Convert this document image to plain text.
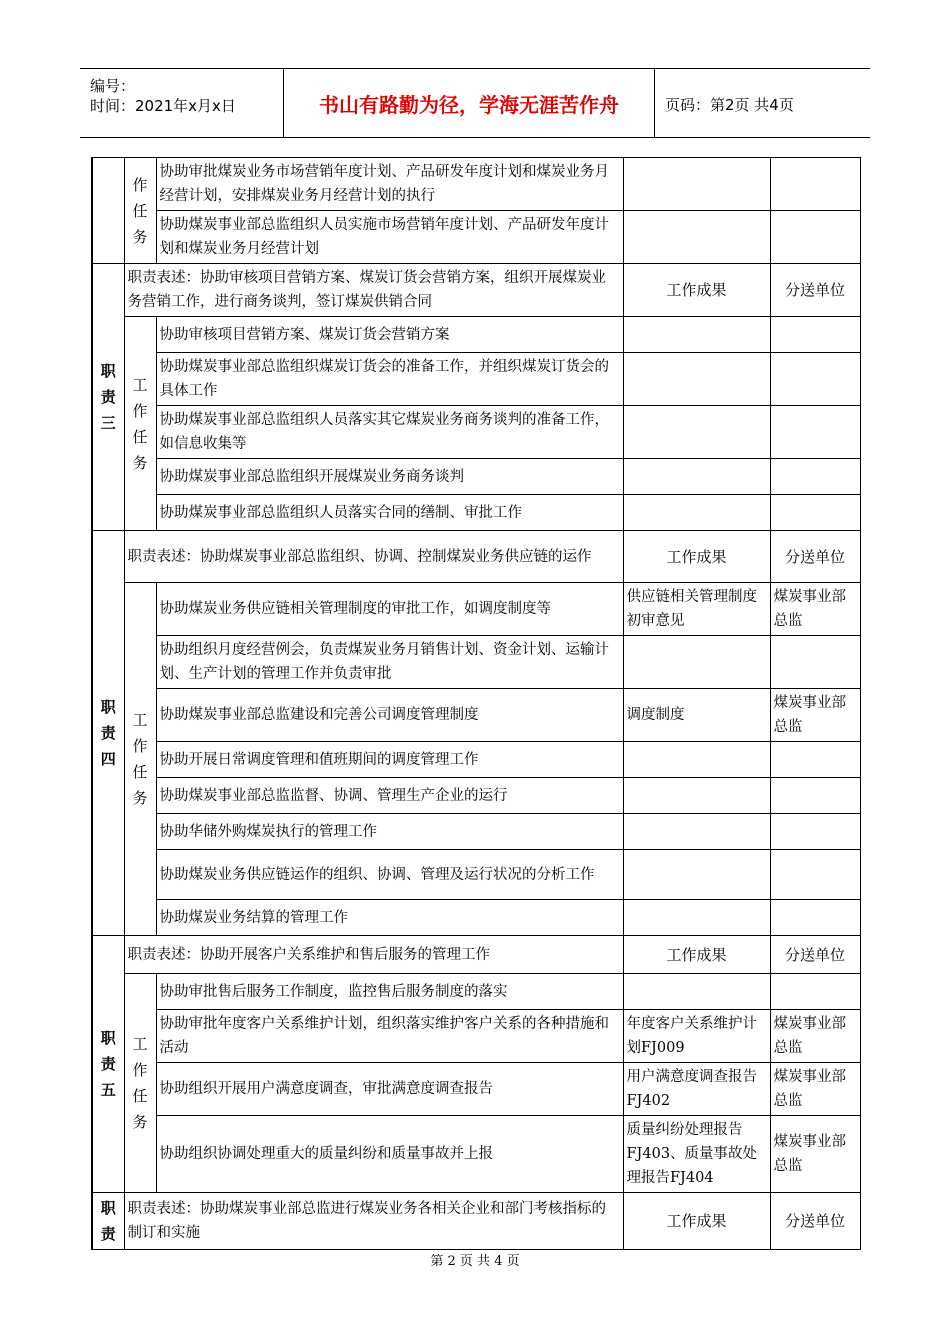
编号：
时间：2021年x月x日	书山有路勤为径，学海无涯苦作舟	页码：第2页 共4页
	作任务	协助审批煤炭业务市场营销年度计划、产品研发年度计划和煤炭业务月经营计划，安排煤炭业务月经营计划的执行		
		协助煤炭事业部总监组织人员实施市场营销年度计划、产品研发年度计划和煤炭业务月经营计划		
职责三	职责表述：协助审核项目营销方案、煤炭订货会营销方案，组织开展煤炭业务营销工作，进行商务谈判，签订煤炭供销合同		工作成果	分送单位
	工作任务	协助审核项目营销方案、煤炭订货会营销方案		
		协助煤炭事业部总监组织煤炭订货会的准备工作，并组织煤炭订货会的具体工作		
		协助煤炭事业部总监组织人员落实其它煤炭业务商务谈判的准备工作，如信息收集等		
		协助煤炭事业部总监组织开展煤炭业务商务谈判		
		协助煤炭事业部总监组织人员落实合同的缮制、审批工作		
职责四	职责表述：协助煤炭事业部总监组织、协调、控制煤炭业务供应链的运作		工作成果	分送单位
	工作任务	协助煤炭业务供应链相关管理制度的审批工作，如调度制度等	供应链相关管理制度初审意见	煤炭事业部总监
		协助组织月度经营例会，负责煤炭业务月销售计划、资金计划、运输计划、生产计划的管理工作并负责审批		
		协助煤炭事业部总监建设和完善公司调度管理制度	调度制度	煤炭事业部总监
		协助开展日常调度管理和值班期间的调度管理工作		
		协助煤炭事业部总监监督、协调、管理生产企业的运行		
		协助华储外购煤炭执行的管理工作		
		协助煤炭业务供应链运作的组织、协调、管理及运行状况的分析工作		
		协助煤炭业务结算的管理工作		
职责五	职责表述：协助开展客户关系维护和售后服务的管理工作		工作成果	分送单位
	工作任务	协助审批售后服务工作制度，监控售后服务制度的落实		
		协助审批年度客户关系维护计划，组织落实维护客户关系的各种措施和活动	年度客户关系维护计划FJ009	煤炭事业部总监
		协助组织开展用户满意度调查，审批满意度调查报告	用户满意度调查报告FJ402	煤炭事业部总监
		协助组织协调处理重大的质量纠纷和质量事故并上报	质量纠纷处理报告FJ403、质量事故处理报告FJ404	煤炭事业部总监
职责	职责表述：协助煤炭事业部总监进行煤炭业务各相关企业和部门考核指标的制订和实施		工作成果	分送单位
第 2 页 共 4 页
